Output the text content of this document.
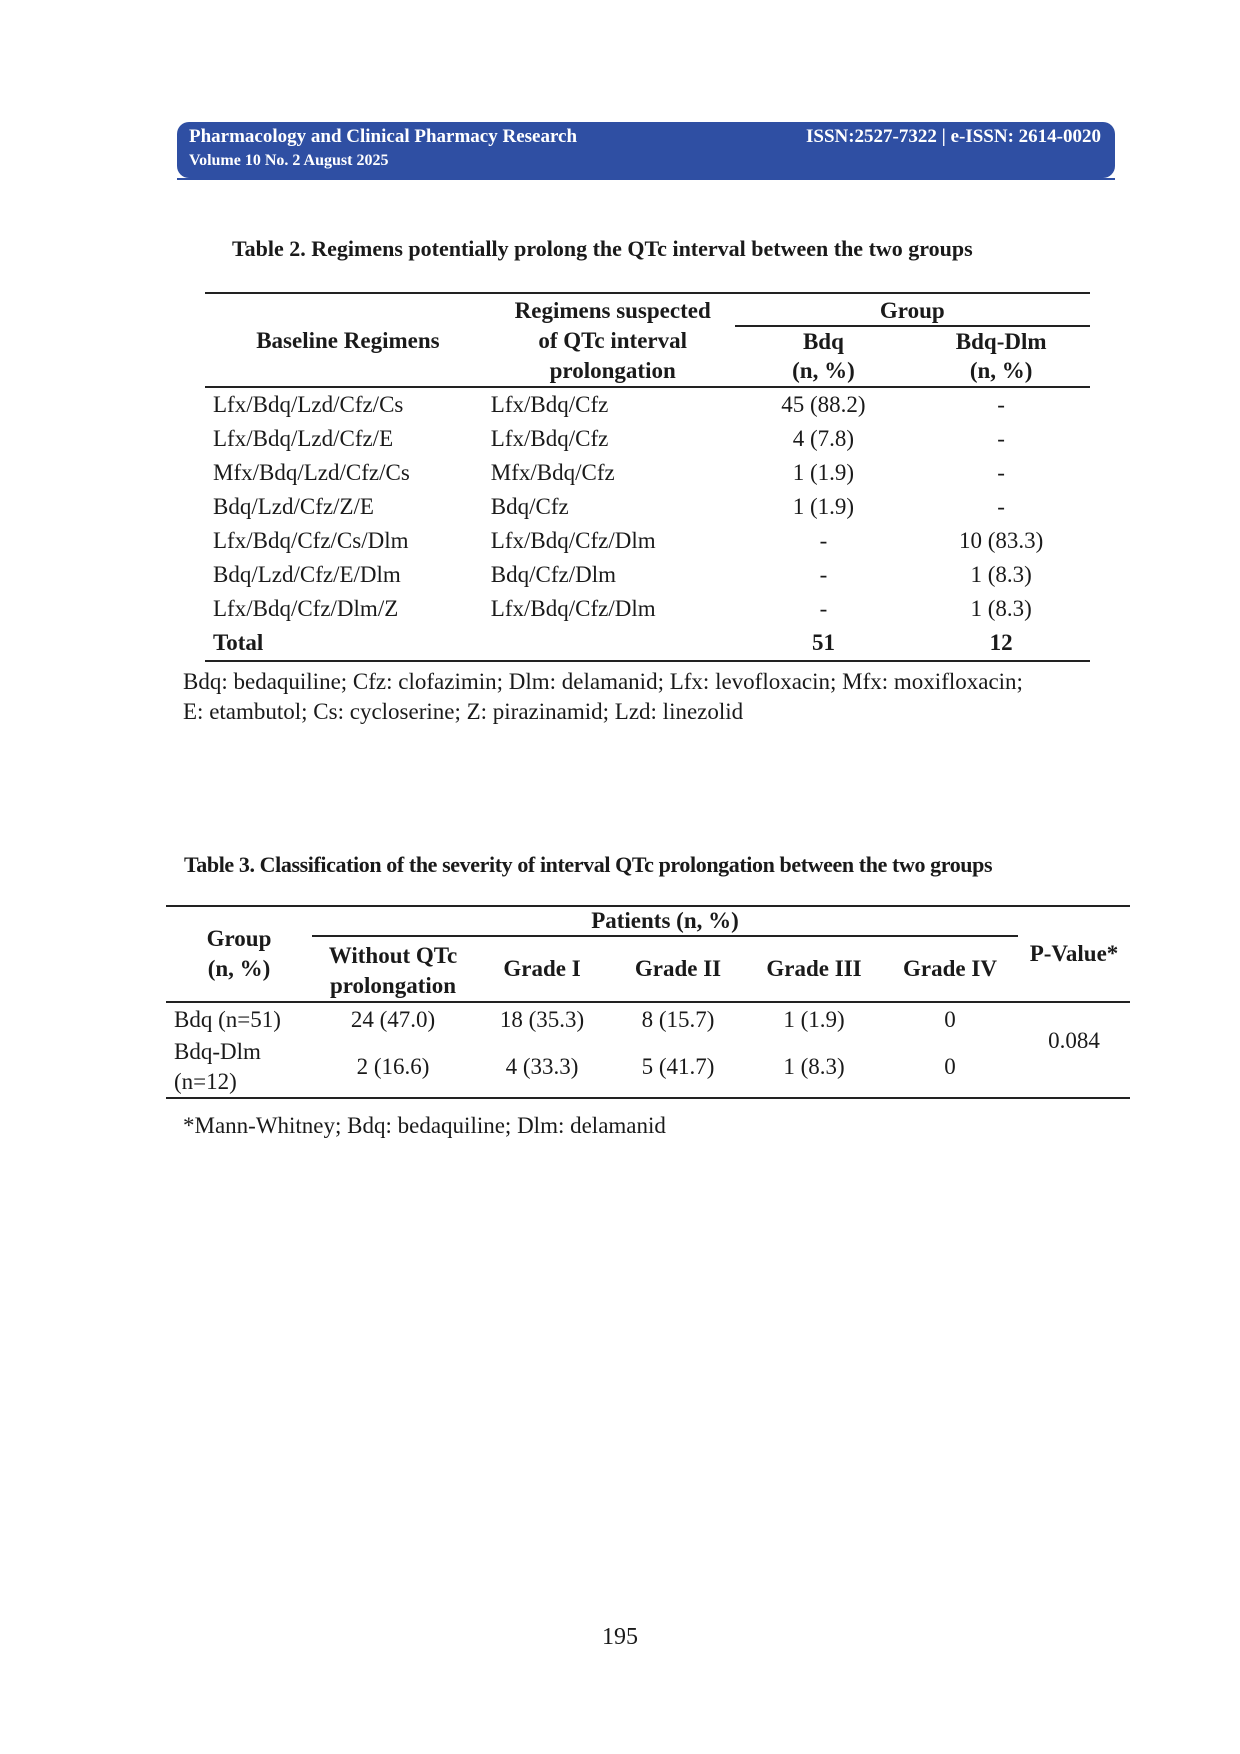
Pharmacology and Clinical Pharmacy Research
Volume 10 No. 2 August 2025
ISSN:2527-7322 | e-ISSN: 2614-0020
Table 2. Regimens potentially prolong the QTc interval between the two groups

Baseline Regimens	Regimens suspected
of QTc interval
prolongation	Group	
		Bdq	Bdq-Dlm
		(n, %)	(n, %)

Lfx/Bdq/Lzd/Cfz/Cs	Lfx/Bdq/Cfz	45 (88.2)	-
Lfx/Bdq/Lzd/Cfz/E	Lfx/Bdq/Cfz	4 (7.8)	-
Mfx/Bdq/Lzd/Cfz/Cs	Mfx/Bdq/Cfz	1 (1.9)	-
Bdq/Lzd/Cfz/Z/E	Bdq/Cfz	1 (1.9)	-
Lfx/Bdq/Cfz/Cs/Dlm	Lfx/Bdq/Cfz/Dlm	-	10 (83.3)
Bdq/Lzd/Cfz/E/Dlm	Bdq/Cfz/Dlm	-	1 (8.3)
Lfx/Bdq/Cfz/Dlm/Z	Lfx/Bdq/Cfz/Dlm	-	1 (8.3)
Total		51	12
Bdq: bedaquiline; Cfz: clofazimin; Dlm: delamanid; Lfx: levofloxacin; Mfx: moxifloxacin;
E: etambutol; Cs: cycloserine; Z: pirazinamid; Lzd: linezolid
Table 3. Classification of the severity of interval QTc prolongation between the two groups

Group
(n, %)	Patients (n, %)					P-Value*

	Without QTc
prolongation	Grade I	Grade II	Grade III	Grade IV	

Bdq (n=51)	24 (47.0)	18 (35.3)	8 (15.7)	1 (1.9)	0	0.084

Bdq-Dlm
(n=12)	2 (16.6)	4 (33.3)	5 (41.7)	1 (8.3)	0	
*Mann-Whitney; Bdq: bedaquiline; Dlm: delamanid
195
